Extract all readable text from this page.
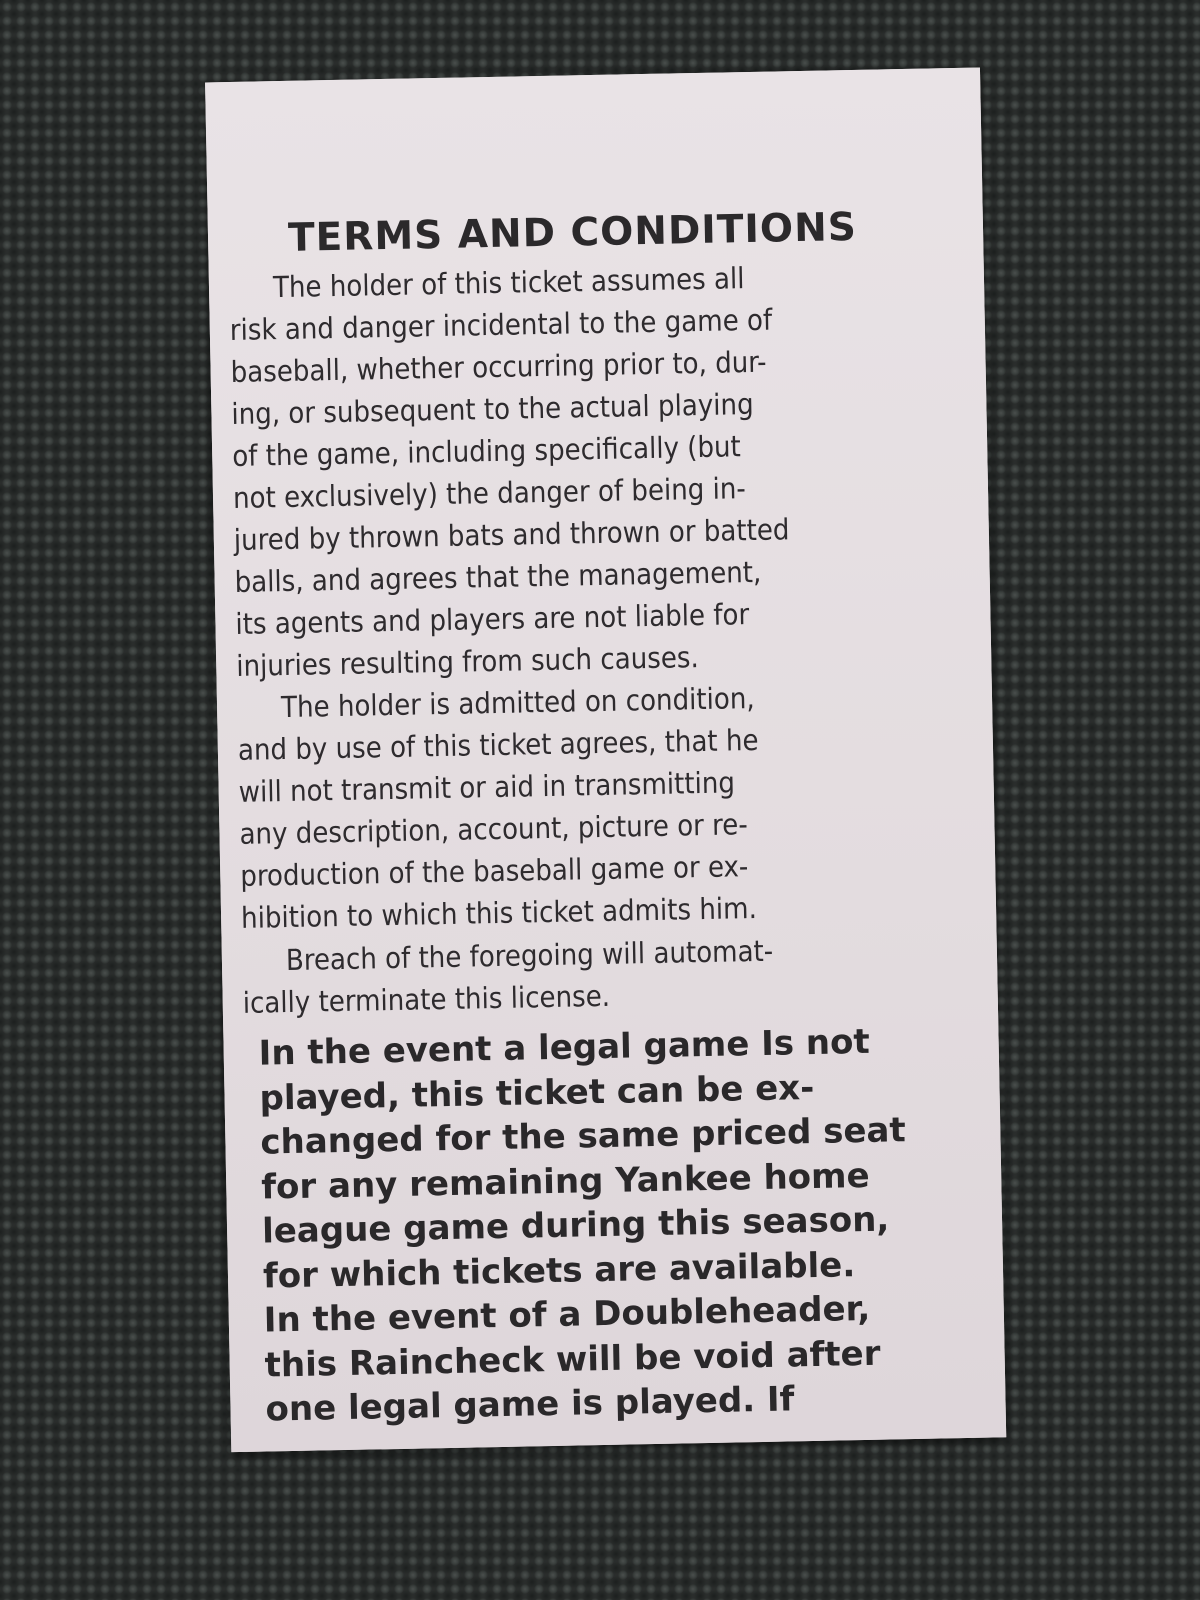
TERMS AND CONDITIONS

The holder of this ticket assumes all
risk and danger incidental to the game of
baseball, whether occurring prior to, dur-
ing, or subsequent to the actual playing
of the game, including specifically (but
not exclusively) the danger of being in-
jured by thrown bats and thrown or batted
balls, and agrees that the management,
its agents and players are not liable for
injuries resulting from such causes.

The holder is admitted on condition,
and by use of this ticket agrees, that he
will not transmit or aid in transmitting
any description, account, picture or re-
production of the baseball game or ex-
hibition to which this ticket admits him.

Breach of the foregoing will automat-
ically terminate this license.

In the event a legal game Is not
played, this ticket can be ex-
changed for the same priced seat
for any remaining Yankee home
league game during this season,
for which tickets are available.
In the event of a Doubleheader,
this Raincheck will be void after
one legal game is played. If
